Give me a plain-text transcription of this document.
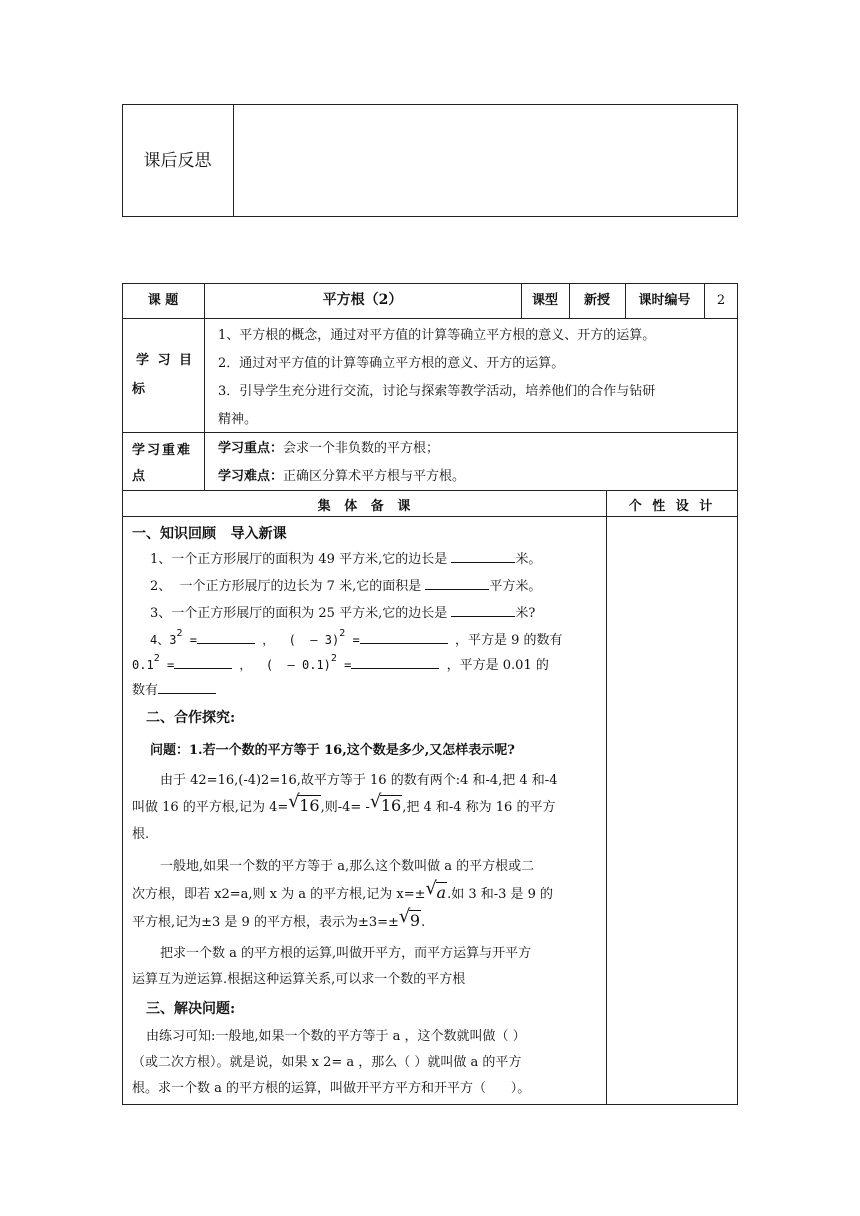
课后反思
课 题	平方根（2）	课型	新授	课时编号	2
学 习 目
标
1、平方根的概念，通过对平方值的计算等确立平方根的意义、开方的运算。
2．通过对平方值的计算等确立平方根的意义、开方的运算。
3．引导学生充分进行交流，讨论与探索等教学活动，培养他们的合作与钻研
精神。
学习重难
点
学习重点：会求一个非负数的平方根；
学习难点：正确区分算术平方根与平方根。
集   体   备   课	个 性 设 计
一、知识回顾   导入新课
1、一个正方形展厅的面积为 49 平方米,它的边长是	米。
2、  一个正方形展厅的边长为 7 米,它的面积是	平方米。
3、一个正方形展厅的面积为 25 平方米,它的边长是	米?
4、$3^2$ =	，  (  – 3)$^2$ =	，平方是 9 的数有
$0.1^2$ =	，  (  – 0.1)$^2$ =	，平方是 0.01 的
数有
二、合作探究:
问题：1.若一个数的平方等于 16,这个数是多少,又怎样表示呢?
由于 42=16,(-4)2=16,故平方等于 16 的数有两个:4 和-4,把 4 和-4
叫做 16 的平方根,记为 4= √ 16,则-4= - √ 16,把 4 和-4 称为 16 的平方
根.
一般地,如果一个数的平方等于 a,那么这个数叫做 a 的平方根或二
次方根，即若 x2=a,则 x 为 a 的平方根,记为 x=± √ a.如 3 和-3 是 9 的
平方根,记为±3 是 9 的平方根，表示为±3=± √ 9.
把求一个数 a 的平方根的运算,叫做开平方，而平方运算与开平方
运算互为逆运算.根据这种运算关系,可以求一个数的平方根
三、解决问题:
由练习可知:一般地,如果一个数的平方等于 a ，这个数就叫做（ ）
（或二次方根）。就是说，如果 x 2= a ，那么（ ）就叫做 a 的平方
根。求一个数 a 的平方根的运算，叫做开平方平方和开平方（      ）。
